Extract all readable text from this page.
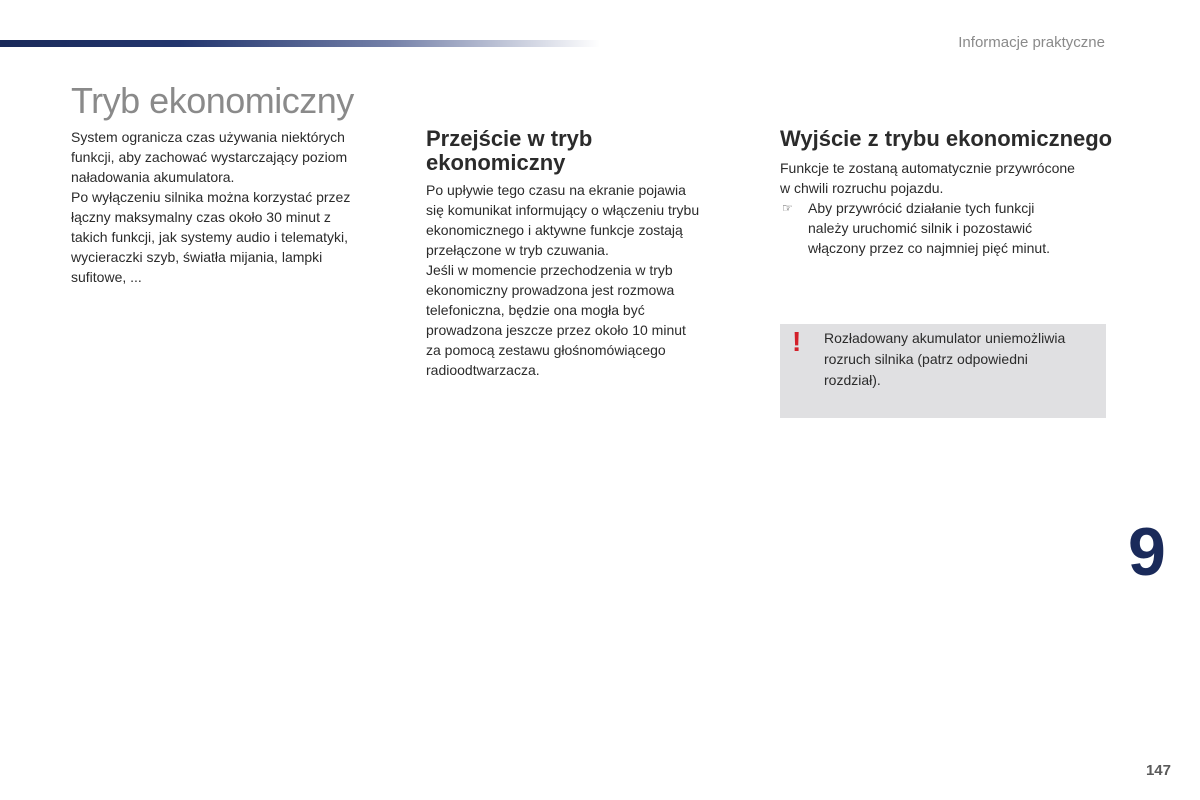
Informacje praktyczne
Tryb ekonomiczny

System ogranicza czas używania niektórych

funkcji, aby zachować wystarczający poziom

naładowania akumulatora.

Po wyłączeniu silnika można korzystać przez

łączny maksymalny czas około 30 minut z

takich funkcji, jak systemy audio i telematyki,

wycieraczki szyb, światła mijania, lampki

sufitowe, ...

Przejście w tryb
ekonomiczny

Po upływie tego czasu na ekranie pojawia

się komunikat informujący o włączeniu trybu

ekonomicznego i aktywne funkcje zostają

przełączone w tryb czuwania.

Jeśli w momencie przechodzenia w tryb

ekonomiczny prowadzona jest rozmowa

telefoniczna, będzie ona mogła być

prowadzona jeszcze przez około 10 minut

za pomocą zestawu głośnomówiącego

radioodtwarzacza.

Wyjście z trybu ekonomicznego

Funkcje te zostaną automatycznie przywrócone

w chwili rozruchu pojazdu.

☞ Aby przywrócić działanie tych funkcji

należy uruchomić silnik i pozostawić

włączony przez co najmniej pięć minut.

! Rozładowany akumulator uniemożliwia
rozruch silnika (patrz odpowiedni
rozdział).
9
147
